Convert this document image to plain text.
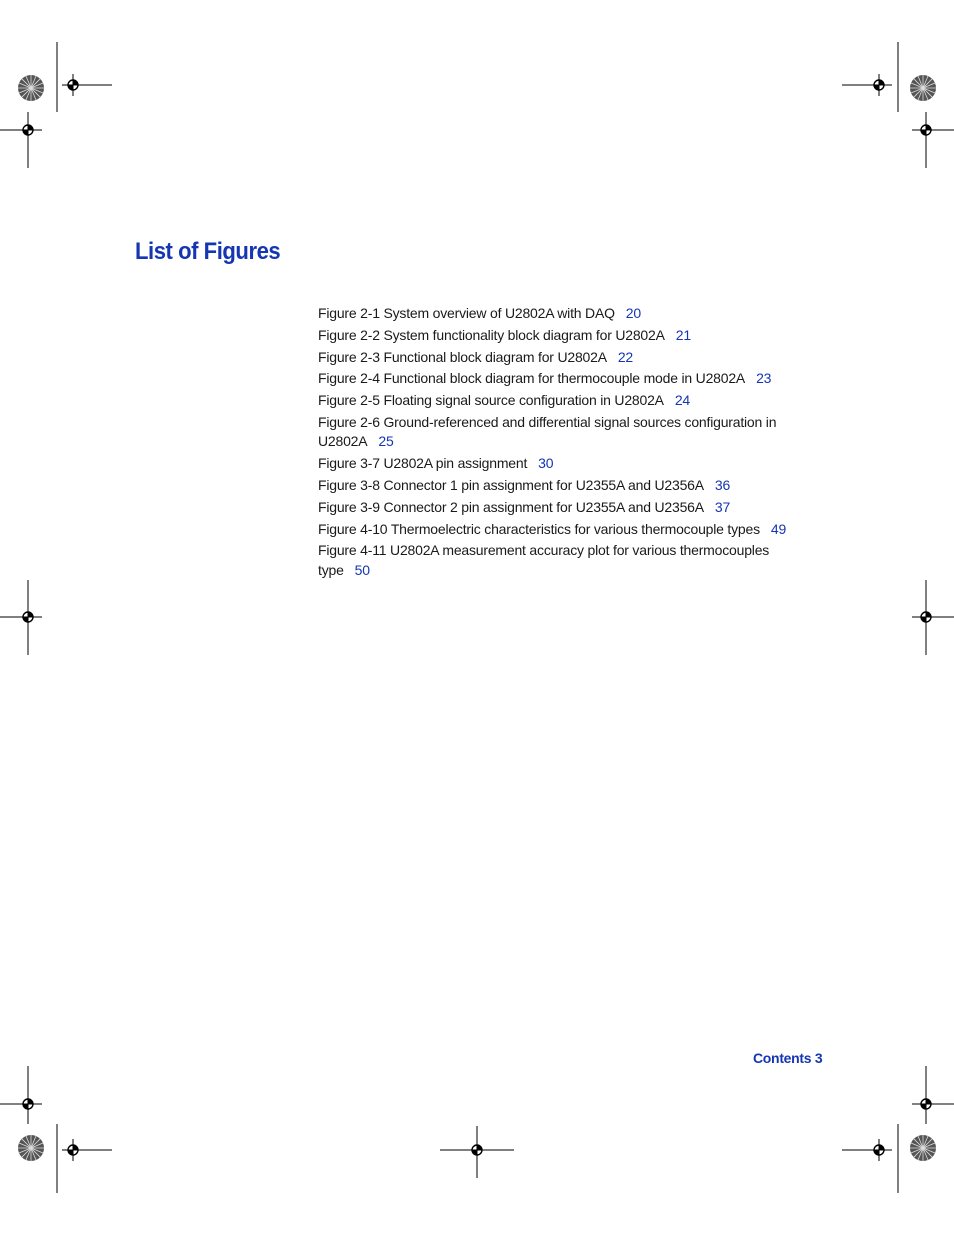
List of Figures
Figure 2-1 System overview of U2802A with DAQ 20
Figure 2-2 System functionality block diagram for U2802A 21
Figure 2-3 Functional block diagram for U2802A 22
Figure 2-4 Functional block diagram for thermocouple mode in U2802A 23
Figure 2-5 Floating signal source configuration in U2802A 24
Figure 2-6 Ground-referenced and differential signal sources configuration in U2802A 25
Figure 3-7 U2802A pin assignment 30
Figure 3-8 Connector 1 pin assignment for U2355A and U2356A 36
Figure 3-9 Connector 2 pin assignment for U2355A and U2356A 37
Figure 4-10 Thermoelectric characteristics for various thermocouple types 49
Figure 4-11 U2802A measurement accuracy plot for various thermocouples type 50
Contents 3
